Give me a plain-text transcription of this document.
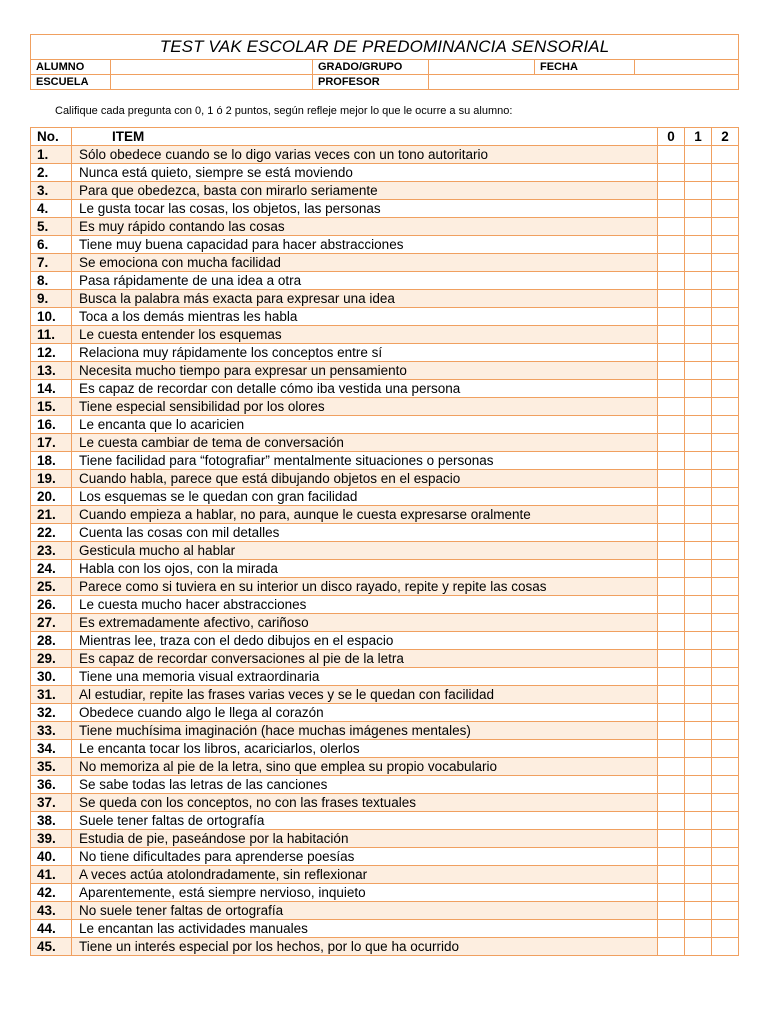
TEST VAK ESCOLAR DE PREDOMINANCIA SENSORIAL					
ALUMNO		GRADO/GRUPO		FECHA	
ESCUELA		PROFESOR			
Califique cada pregunta con 0, 1 ó 2 puntos, según refleje mejor lo que le ocurre a su alumno:
No.	ITEM	0	1	2
1.	Sólo obedece cuando se lo digo varias veces con un tono autoritario			
2.	Nunca está quieto, siempre se está moviendo			
3.	Para que obedezca, basta con mirarlo seriamente			
4.	Le gusta tocar las cosas, los objetos, las personas			
5.	Es muy rápido contando las cosas			
6.	Tiene muy buena capacidad para hacer abstracciones			
7.	Se emociona con mucha facilidad			
8.	Pasa rápidamente de una idea a otra			
9.	Busca la palabra más exacta para expresar una idea			
10.	Toca a los demás mientras les habla			
11.	Le cuesta entender los esquemas			
12.	Relaciona muy rápidamente los conceptos entre sí			
13.	Necesita mucho tiempo para expresar un pensamiento			
14.	Es capaz de recordar con detalle cómo iba vestida una persona			
15.	Tiene especial sensibilidad por los olores			
16.	Le encanta que lo acaricien			
17.	Le cuesta cambiar de tema de conversación			
18.	Tiene facilidad para “fotografiar” mentalmente situaciones o personas			
19.	Cuando habla, parece que está dibujando objetos en el espacio			
20.	Los esquemas se le quedan con gran facilidad			
21.	Cuando empieza a hablar, no para, aunque le cuesta expresarse oralmente			
22.	Cuenta las cosas con mil detalles			
23.	Gesticula mucho al hablar			
24.	Habla con los ojos, con la mirada			
25.	Parece como si tuviera en su interior un disco rayado, repite y repite las cosas			
26.	Le cuesta mucho hacer abstracciones			
27.	Es extremadamente afectivo, cariñoso			
28.	Mientras lee, traza con el dedo dibujos en el espacio			
29.	Es capaz de recordar conversaciones al pie de la letra			
30.	Tiene una memoria visual extraordinaria			
31.	Al estudiar, repite las frases varias veces y se le quedan con facilidad			
32.	Obedece cuando algo le llega al corazón			
33.	Tiene muchísima imaginación (hace muchas imágenes mentales)			
34.	Le encanta tocar los libros, acariciarlos, olerlos			
35.	No memoriza al pie de la letra, sino que emplea su propio vocabulario			
36.	Se sabe todas las letras de las canciones			
37.	Se queda con los conceptos, no con las frases textuales			
38.	Suele tener faltas de ortografía			
39.	Estudia de pie, paseándose por la habitación			
40.	No tiene dificultades para aprenderse poesías			
41.	A veces actúa atolondradamente, sin reflexionar			
42.	Aparentemente, está siempre nervioso, inquieto			
43.	No suele tener faltas de ortografía			
44.	Le encantan las actividades manuales			
45.	Tiene un interés especial por los hechos, por lo que ha ocurrido			
